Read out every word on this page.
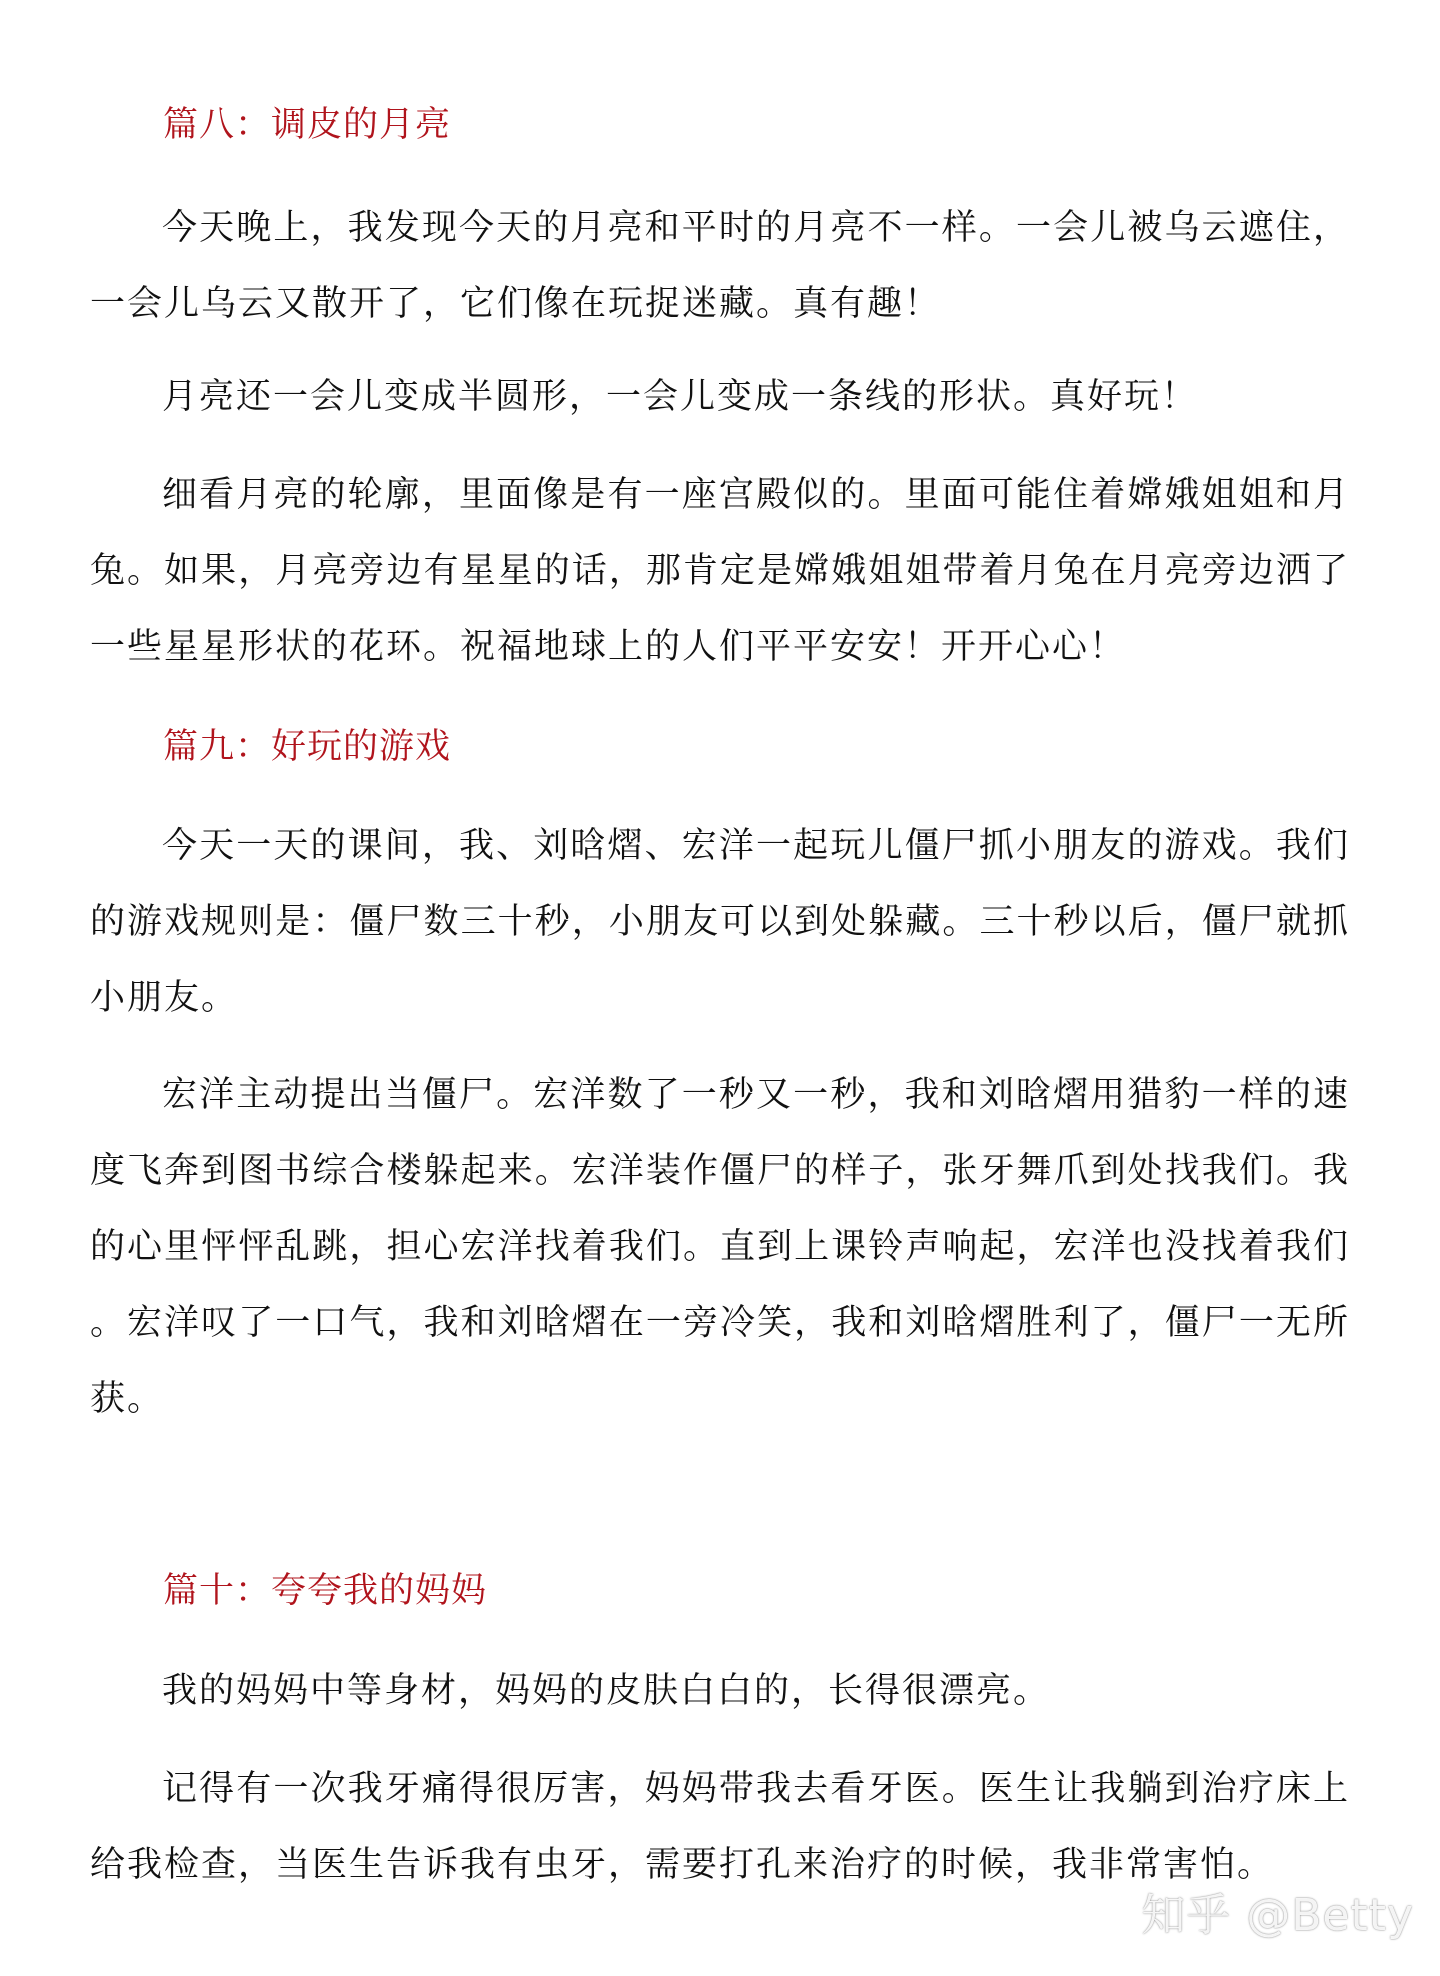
篇八：调皮的月亮

今天晚上，我发现今天的月亮和平时的月亮不一样。一会儿被乌云遮住，一会儿乌云又散开了，它们像在玩捉迷藏。真有趣！

月亮还一会儿变成半圆形，一会儿变成一条线的形状。真好玩！

细看月亮的轮廓，里面像是有一座宫殿似的。里面可能住着嫦娥姐姐和月兔。如果，月亮旁边有星星的话，那肯定是嫦娥姐姐带着月兔在月亮旁边洒了一些星星形状的花环。祝福地球上的人们平平安安！开开心心！

篇九：好玩的游戏

今天一天的课间，我、刘晗熠、宏洋一起玩儿僵尸抓小朋友的游戏。我们的游戏规则是：僵尸数三十秒，小朋友可以到处躲藏。三十秒以后，僵尸就抓小朋友。

宏洋主动提出当僵尸。宏洋数了一秒又一秒，我和刘晗熠用猎豹一样的速度飞奔到图书综合楼躲起来。宏洋装作僵尸的样子，张牙舞爪到处找我们。我的心里怦怦乱跳，担心宏洋找着我们。直到上课铃声响起，宏洋也没找着我们。宏洋叹了一口气，我和刘晗熠在一旁冷笑，我和刘晗熠胜利了，僵尸一无所获。

篇十：夸夸我的妈妈

我的妈妈中等身材，妈妈的皮肤白白的，长得很漂亮。

记得有一次我牙痛得很厉害，妈妈带我去看牙医。医生让我躺到治疗床上给我检查，当医生告诉我有虫牙，需要打孔来治疗的时候，我非常害怕。

知乎 @Betty
